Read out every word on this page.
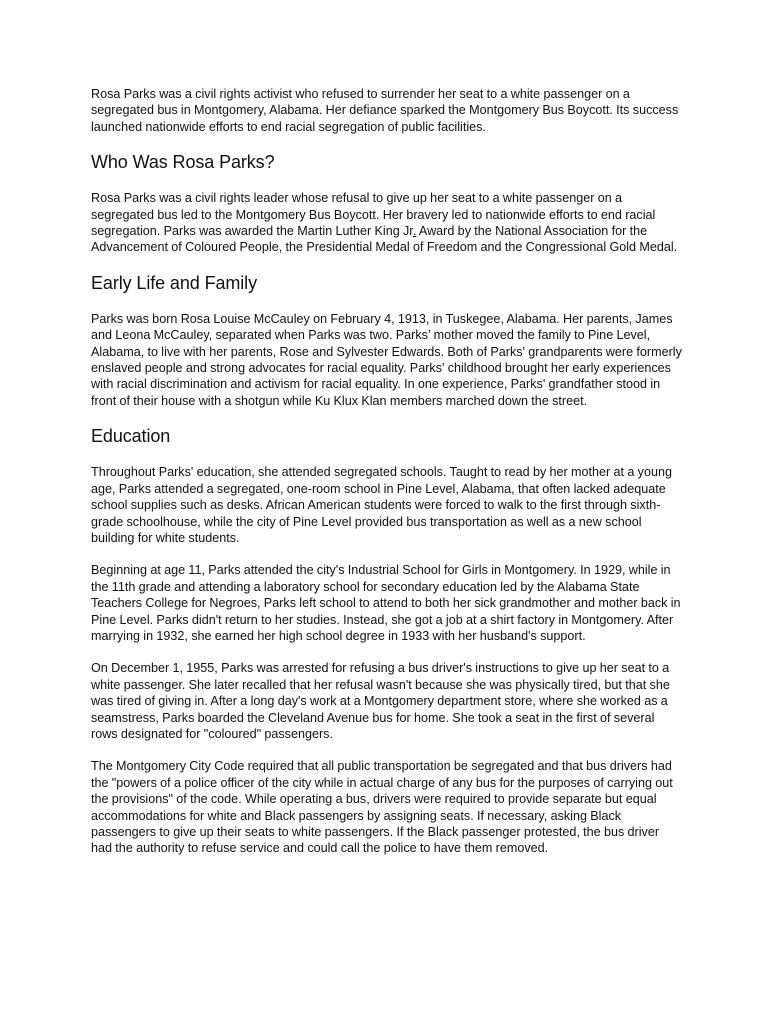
Rosa Parks was a civil rights activist who refused to surrender her seat to a white passenger on a segregated bus in Montgomery, Alabama. Her defiance sparked the Montgomery Bus Boycott. Its success launched nationwide efforts to end racial segregation of public facilities.

Who Was Rosa Parks?

Rosa Parks was a civil rights leader whose refusal to give up her seat to a white passenger on a segregated bus led to the Montgomery Bus Boycott. Her bravery led to nationwide efforts to end racial segregation. Parks was awarded the Martin Luther King Jr. Award by the National Association for the Advancement of Coloured People, the Presidential Medal of Freedom and the Congressional Gold Medal.

Early Life and Family

Parks was born Rosa Louise McCauley on February 4, 1913, in Tuskegee, Alabama. Her parents, James and Leona McCauley, separated when Parks was two. Parks’ mother moved the family to Pine Level, Alabama, to live with her parents, Rose and Sylvester Edwards. Both of Parks' grandparents were formerly enslaved people and strong advocates for racial equality. Parks' childhood brought her early experiences with racial discrimination and activism for racial equality. In one experience, Parks' grandfather stood in front of their house with a shotgun while Ku Klux Klan members marched down the street.

Education

Throughout Parks' education, she attended segregated schools. Taught to read by her mother at a young age, Parks attended a segregated, one-room school in Pine Level, Alabama, that often lacked adequate school supplies such as desks. African American students were forced to walk to the first through sixth-grade schoolhouse, while the city of Pine Level provided bus transportation as well as a new school building for white students.

Beginning at age 11, Parks attended the city's Industrial School for Girls in Montgomery. In 1929, while in the 11th grade and attending a laboratory school for secondary education led by the Alabama State Teachers College for Negroes, Parks left school to attend to both her sick grandmother and mother back in Pine Level. Parks didn't return to her studies. Instead, she got a job at a shirt factory in Montgomery. After marrying in 1932, she earned her high school degree in 1933 with her husband's support.

On December 1, 1955, Parks was arrested for refusing a bus driver's instructions to give up her seat to a white passenger. She later recalled that her refusal wasn't because she was physically tired, but that she was tired of giving in. After a long day's work at a Montgomery department store, where she worked as a seamstress, Parks boarded the Cleveland Avenue bus for home. She took a seat in the first of several rows designated for "coloured" passengers.

The Montgomery City Code required that all public transportation be segregated and that bus drivers had the "powers of a police officer of the city while in actual charge of any bus for the purposes of carrying out the provisions" of the code. While operating a bus, drivers were required to provide separate but equal accommodations for white and Black passengers by assigning seats. If necessary, asking Black passengers to give up their seats to white passengers. If the Black passenger protested, the bus driver had the authority to refuse service and could call the police to have them removed.
